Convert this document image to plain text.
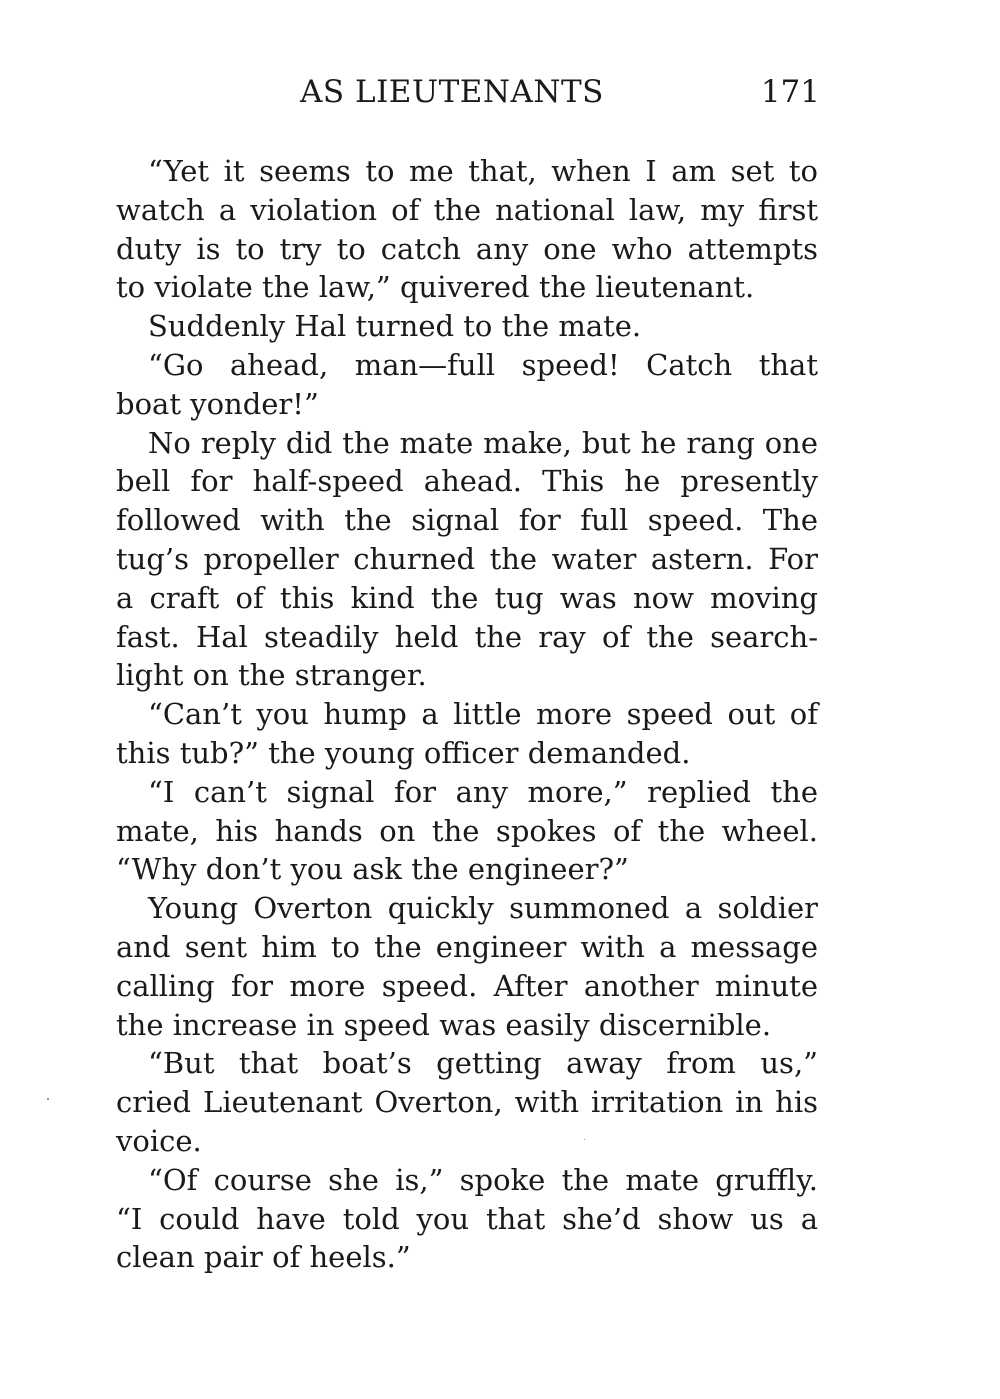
AS LIEUTENANTS	171
“Yet it seems to me that, when I am set to
watch a violation of the national law, my first
duty is to try to catch any one who attempts
to violate the law,” quivered the lieutenant.
Suddenly Hal turned to the mate.
“Go ahead, man—full speed! Catch that
boat yonder!”
No reply did the mate make, but he rang one
bell for half-speed ahead. This he presently
followed with the signal for full speed. The
tug’s propeller churned the water astern. For
a craft of this kind the tug was now moving
fast. Hal steadily held the ray of the search-
light on the stranger.
“Can’t you hump a little more speed out of
this tub?” the young officer demanded.
“I can’t signal for any more,” replied the
mate, his hands on the spokes of the wheel.
“Why don’t you ask the engineer?”
Young Overton quickly summoned a soldier
and sent him to the engineer with a message
calling for more speed. After another minute
the increase in speed was easily discernible.
“But that boat’s getting away from us,”
cried Lieutenant Overton, with irritation in his
voice.
“Of course she is,” spoke the mate gruffly.
“I could have told you that she’d show us a
clean pair of heels.”
